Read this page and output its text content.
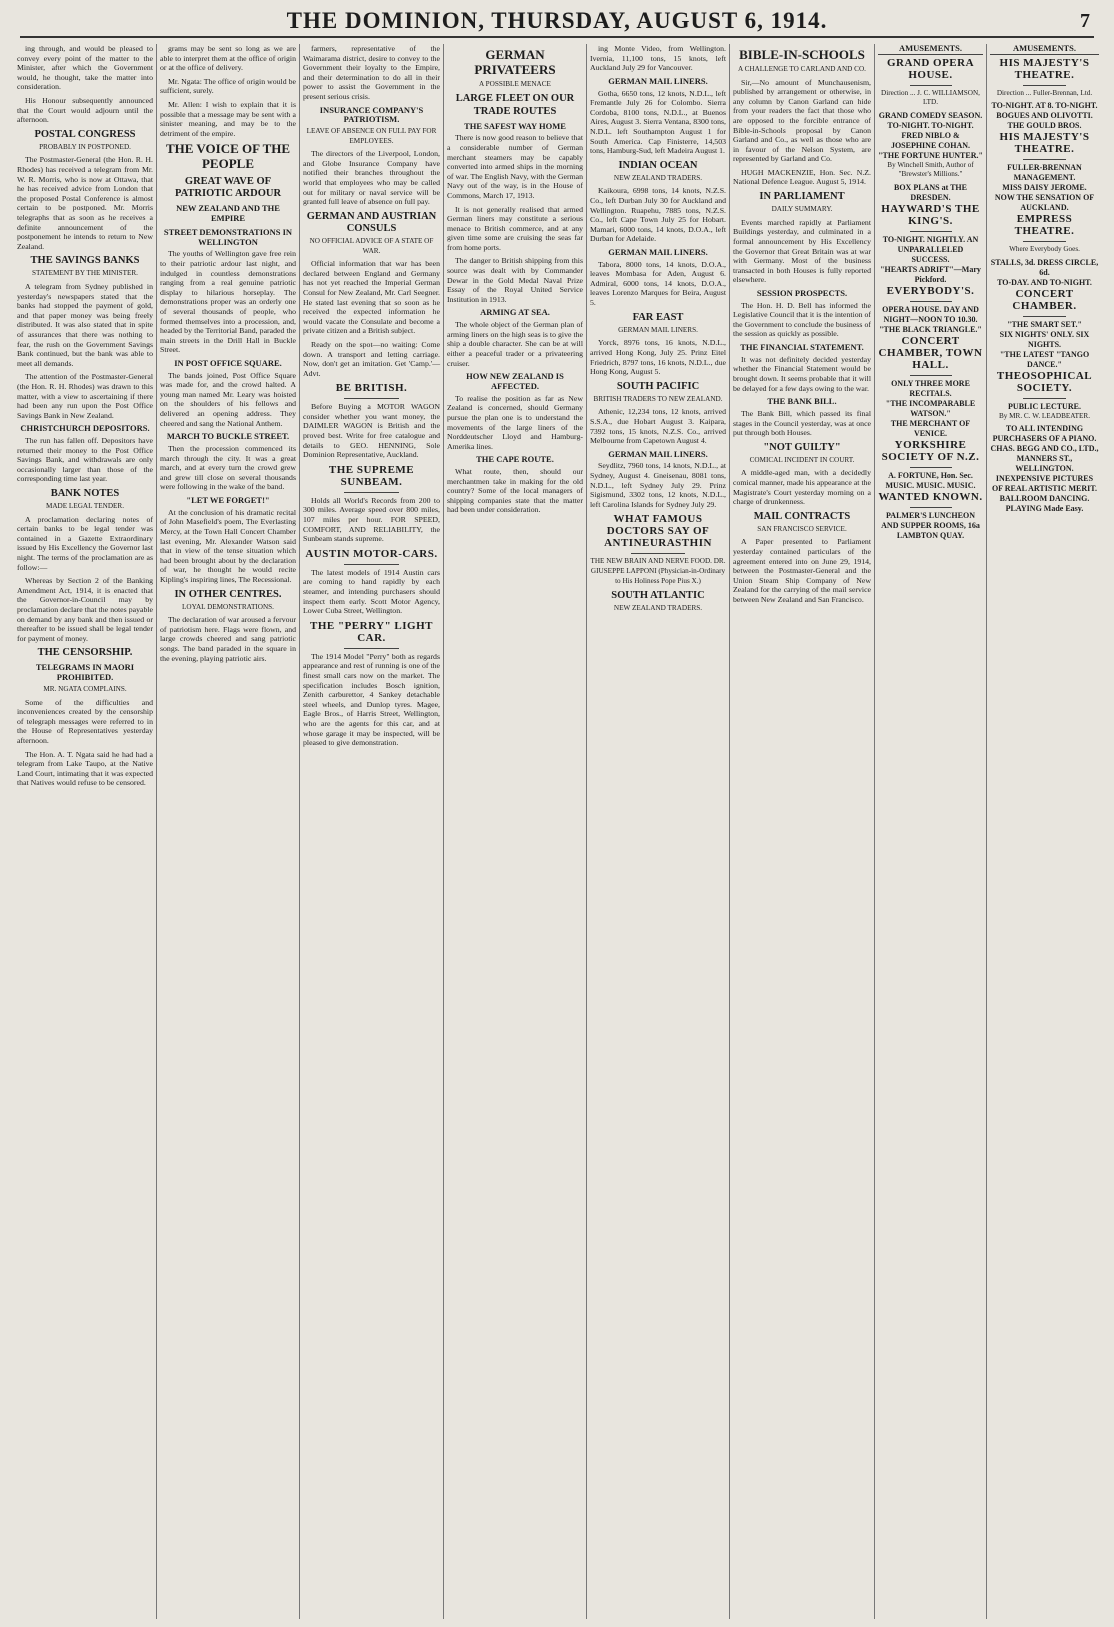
THE DOMINION, THURSDAY, AUGUST 6, 1914.	7
ing through, and would be pleased to convey every point of the matter to the Minister, after which the Government would, he thought, take the matter into consideration.
His Honour subsequently announced that the Court would adjourn until the afternoon.
POSTAL CONGRESS
PROBABLY IN POSTPONED.
The Postmaster-General (the Hon. R. H. Rhodes) has received a telegram from Mr. W. R. Morris, who is now at Ottawa, that he has received advice from London that the proposed Postal Conference is almost certain to be postponed. Mr. Morris telegraphs that as soon as he receives a definite announcement of the postponement he intends to return to New Zealand.
THE SAVINGS BANKS
STATEMENT BY THE MINISTER.
A telegram from Sydney published in yesterday's newspapers stated that the banks had stopped the payment of gold, and that paper money was being freely distributed. It was also stated that in spite of assurances that there was nothing to fear, the rush on the Government Savings Bank continued, but the bank was able to meet all demands.
The attention of the Postmaster-General (the Hon. R. H. Rhodes) was drawn to this matter, with a view to ascertaining if there had been any run upon the Post Office Savings Bank in New Zealand.
CHRISTCHURCH DEPOSITORS.
The run has fallen off. Depositors have returned their money to the Post Office Savings Bank, and withdrawals are only occasionally larger than those of the corresponding time last year.
BANK NOTES
MADE LEGAL TENDER.
A proclamation declaring notes of certain banks to be legal tender was contained in a Gazette Extraordinary issued by His Excellency the Governor last night. The terms of the proclamation are as follow:—
Whereas by Section 2 of the Banking Amendment Act, 1914, it is enacted that the Governor-in-Council may by proclamation declare that the notes payable on demand by any bank and then issued or thereafter to be issued shall be legal tender for payment of money.
THE CENSORSHIP.
TELEGRAMS IN MAORI PROHIBITED.
MR. NGATA COMPLAINS.
Some of the difficulties and inconveniences created by the censorship of telegraph messages were referred to in the House of Representatives yesterday afternoon.
The Hon. A. T. Ngata said he had had a telegram from Lake Taupo, at the Native Land Court, intimating that it was expected that Natives would refuse to be censored.
grams may be sent so long as we are able to interpret them at the office of origin or at the office of delivery.
Mr. Ngata: The office of origin would be sufficient, surely.
Mr. Allen: I wish to explain that it is possible that a message may be sent with a sinister meaning, and may be to the detriment of the empire.
THE VOICE OF THE PEOPLE
GREAT WAVE OF PATRIOTIC ARDOUR
NEW ZEALAND AND THE EMPIRE
STREET DEMONSTRATIONS IN WELLINGTON
The youths of Wellington gave free rein to their patriotic ardour last night, and indulged in countless demonstrations ranging from a real genuine patriotic display to hilarious horseplay. The demonstrations proper was an orderly one of several thousands of people, who formed themselves into a procession, and, headed by the Territorial Band, paraded the main streets in the Drill Hall in Buckle Street.
IN POST OFFICE SQUARE.
The bands joined, Post Office Square was made for, and the crowd halted. A young man named Mr. Leary was hoisted on the shoulders of his fellows and delivered an opening address. They cheered and sang the National Anthem.
MARCH TO BUCKLE STREET.
Then the procession commenced its march through the city. It was a great march, and at every turn the crowd grew and grew till close on several thousands were following in the wake of the band.
"LET WE FORGET!"
At the conclusion of his dramatic recital of John Masefield's poem, The Everlasting Mercy, at the Town Hall Concert Chamber last evening, Mr. Alexander Watson said that in view of the tense situation which had been brought about by the declaration of war, he thought he would recite Kipling's inspiring lines, The Recessional.
IN OTHER CENTRES.
LOYAL DEMONSTRATIONS.
The declaration of war aroused a fervour of patriotism here. Flags were flown, and large crowds cheered and sang patriotic songs. The band paraded in the square in the evening, playing patriotic airs.
farmers, representative of the Waimarama district, desire to convey to the Government their loyalty to the Empire, and their determination to do all in their power to assist the Government in the present serious crisis.
INSURANCE COMPANY'S PATRIOTISM.
LEAVE OF ABSENCE ON FULL PAY FOR EMPLOYEES.
The directors of the Liverpool, London, and Globe Insurance Company have notified their branches throughout the world that employees who may be called out for military or naval service will be granted full leave of absence on full pay.
GERMAN AND AUSTRIAN CONSULS
NO OFFICIAL ADVICE OF A STATE OF WAR.
Official information that war has been declared between England and Germany has not yet reached the Imperial German Consul for New Zealand, Mr. Carl Seegner. He stated last evening that so soon as he received the expected information he would vacate the Consulate and become a private citizen and a British subject.
Ready on the spot—no waiting: Come down. A transport and letting carriage. Now, don't get an imitation. Get 'Camp.'—Advt.
BE BRITISH.
Before Buying a MOTOR WAGON consider whether you want money, the DAIMLER WAGON is British and the proved best. Write for free catalogue and details to GEO. HENNING, Sole Dominion Representative, Auckland.
THE SUPREME SUNBEAM.
Holds all World's Records from 200 to 300 miles. Average speed over 800 miles, 107 miles per hour. FOR SPEED, COMFORT, AND RELIABILITY, the Sunbeam stands supreme.
AUSTIN MOTOR-CARS.
The latest models of 1914 Austin cars are coming to hand rapidly by each steamer, and intending purchasers should inspect them early. Scott Motor Agency, Lower Cuba Street, Wellington.
THE "PERRY" LIGHT CAR.
The 1914 Model "Perry" both as regards appearance and rest of running is one of the finest small cars now on the market. The specification includes Bosch ignition, Zenith carburettor, 4 Sankey detachable steel wheels, and Dunlop tyres. Magee, Eagle Bros., of Harris Street, Wellington, who are the agents for this car, and at whose garage it may be inspected, will be pleased to give demonstration.
GERMAN PRIVATEERS
A POSSIBLE MENACE
LARGE FLEET ON OUR TRADE ROUTES
THE SAFEST WAY HOME
There is now good reason to believe that a considerable number of German merchant steamers may be capably converted into armed ships in the morning of war. The English Navy, with the German Navy out of the way, is in the House of Commons, March 17, 1913.
It is not generally realised that armed German liners may constitute a serious menace to British commerce, and at any given time some are cruising the seas far from home ports.
The danger to British shipping from this source was dealt with by Commander Dewar in the Gold Medal Naval Prize Essay of the Royal United Service Institution in 1913.
ARMING AT SEA.
The whole object of the German plan of arming liners on the high seas is to give the ship a double character. She can be at will either a peaceful trader or a privateering cruiser.
HOW NEW ZEALAND IS AFFECTED.
To realise the position as far as New Zealand is concerned, should Germany pursue the plan one is to understand the movements of the large liners of the Norddeutscher Lloyd and Hamburg-Amerika lines.
THE CAPE ROUTE.
What route, then, should our merchantmen take in making for the old country? Some of the local managers of shipping companies state that the matter had been under consideration.
ing Monte Video, from Wellington. Ivernia, 11,100 tons, 15 knots, left Auckland July 29 for Vancouver.
GERMAN MAIL LINERS.
Gotha, 6650 tons, 12 knots, N.D.L., left Fremantle July 26 for Colombo. Sierra Cordoba, 8100 tons, N.D.L., at Buenos Aires, August 3. Sierra Ventana, 8300 tons, N.D.L. left Southampton August 1 for South America. Cap Finisterre, 14,503 tons, Hamburg-Sud, left Madeira August 1.
INDIAN OCEAN
NEW ZEALAND TRADERS.
Kaikoura, 6998 tons, 14 knots, N.Z.S. Co., left Durban July 30 for Auckland and Wellington. Ruapehu, 7885 tons, N.Z.S. Co., left Cape Town July 25 for Hobart. Mamari, 6000 tons, 14 knots, D.O.A., left Durban for Adelaide.
GERMAN MAIL LINERS.
Tabora, 8000 tons, 14 knots, D.O.A., leaves Mombasa for Aden, August 6. Admiral, 6000 tons, 14 knots, D.O.A., leaves Lorenzo Marques for Beira, August 5.
FAR EAST
GERMAN MAIL LINERS.
Yorck, 8976 tons, 16 knots, N.D.L., arrived Hong Kong, July 25. Prinz Eitel Friedrich, 8797 tons, 16 knots, N.D.L., due Hong Kong, August 5.
SOUTH PACIFIC
BRITISH TRADERS TO NEW ZEALAND.
Athenic, 12,234 tons, 12 knots, arrived S.S.A., due Hobart August 3. Kaipara, 7392 tons, 15 knots, N.Z.S. Co., arrived Melbourne from Capetown August 4.
GERMAN MAIL LINERS.
Seydlitz, 7960 tons, 14 knots, N.D.L., at Sydney, August 4. Gneisenau, 8081 tons, N.D.L., left Sydney July 29. Prinz Sigismund, 3302 tons, 12 knots, N.D.L., left Carolina Islands for Sydney July 29.
WHAT FAMOUS DOCTORS SAY OF ANTINEURASTHIN
THE NEW BRAIN AND NERVE FOOD. DR. GIUSEPPE LAPPONI (Physician-in-Ordinary to His Holiness Pope Pius X.)
SOUTH ATLANTIC
NEW ZEALAND TRADERS.
BIBLE-IN-SCHOOLS
A CHALLENGE TO CARLAND AND CO.
Sir,—No amount of Munchausenism, published by arrangement or otherwise, in any column by Canon Garland can hide from your readers the fact that those who are opposed to the forcible entrance of Bible-in-Schools proposal by Canon Garland and Co., as well as those who are in favour of the Nelson System, are represented by Garland and Co.
HUGH MACKENZIE, Hon. Sec. N.Z. National Defence League. August 5, 1914.
IN PARLIAMENT
DAILY SUMMARY.
Events marched rapidly at Parliament Buildings yesterday, and culminated in a formal announcement by His Excellency the Governor that Great Britain was at war with Germany. Most of the business transacted in both Houses is fully reported elsewhere.
SESSION PROSPECTS.
The Hon. H. D. Bell has informed the Legislative Council that it is the intention of the Government to conclude the business of the session as quickly as possible.
THE FINANCIAL STATEMENT.
It was not definitely decided yesterday whether the Financial Statement would be brought down. It seems probable that it will be delayed for a few days owing to the war.
THE BANK BILL.
The Bank Bill, which passed its final stages in the Council yesterday, was at once put through both Houses.
"NOT GUILTY"
COMICAL INCIDENT IN COURT.
A middle-aged man, with a decidedly comical manner, made his appearance at the Magistrate's Court yesterday morning on a charge of drunkenness.
MAIL CONTRACTS
SAN FRANCISCO SERVICE.
A Paper presented to Parliament yesterday contained particulars of the agreement entered into on June 29, 1914, between the Postmaster-General and the Union Steam Ship Company of New Zealand for the carrying of the mail service between New Zealand and San Francisco.
AMUSEMENTS.
GRAND OPERA HOUSE.
Direction ... J. C. WILLIAMSON, LTD.
GRAND COMEDY SEASON.
TO-NIGHT. TO-NIGHT.
FRED NIBLO & JOSEPHINE COHAN.
"THE FORTUNE HUNTER."
By Winchell Smith, Author of "Brewster's Millions."
BOX PLANS at THE DRESDEN.
HAYWARD'S THE KING'S.
TO-NIGHT. NIGHTLY. AN UNPARALLELED SUCCESS.
"HEARTS ADRIFT"—Mary Pickford.
EVERYBODY'S.
OPERA HOUSE. DAY AND NIGHT—NOON TO 10.30.
"THE BLACK TRIANGLE."
CONCERT CHAMBER, TOWN HALL.
ONLY THREE MORE RECITALS.
"THE INCOMPARABLE WATSON."
THE MERCHANT OF VENICE.
YORKSHIRE SOCIETY OF N.Z.
A. FORTUNE, Hon. Sec.
MUSIC. MUSIC. MUSIC.
WANTED KNOWN.
PALMER'S LUNCHEON AND SUPPER ROOMS, 16a LAMBTON QUAY.
AMUSEMENTS.
HIS MAJESTY'S THEATRE.
Direction ... Fuller-Brennan, Ltd.
TO-NIGHT. AT 8. TO-NIGHT.
BOGUES AND OLIVOTTI.
THE GOULD BROS.
HIS MAJESTY'S THEATRE.
FULLER-BRENNAN MANAGEMENT.
MISS DAISY JEROME.
NOW THE SENSATION OF AUCKLAND.
EMPRESS THEATRE.
Where Everybody Goes.
STALLS, 3d. DRESS CIRCLE, 6d.
TO-DAY. AND TO-NIGHT.
CONCERT CHAMBER.
"THE SMART SET."
SIX NIGHTS' ONLY. SIX NIGHTS.
"THE LATEST "TANGO DANCE."
THEOSOPHICAL SOCIETY.
PUBLIC LECTURE.
By MR. C. W. LEADBEATER.
TO ALL INTENDING PURCHASERS OF A PIANO.
CHAS. BEGG AND CO., LTD., MANNERS ST., WELLINGTON.
INEXPENSIVE PICTURES OF REAL ARTISTIC MERIT.
BALLROOM DANCING.
PLAYING Made Easy.
